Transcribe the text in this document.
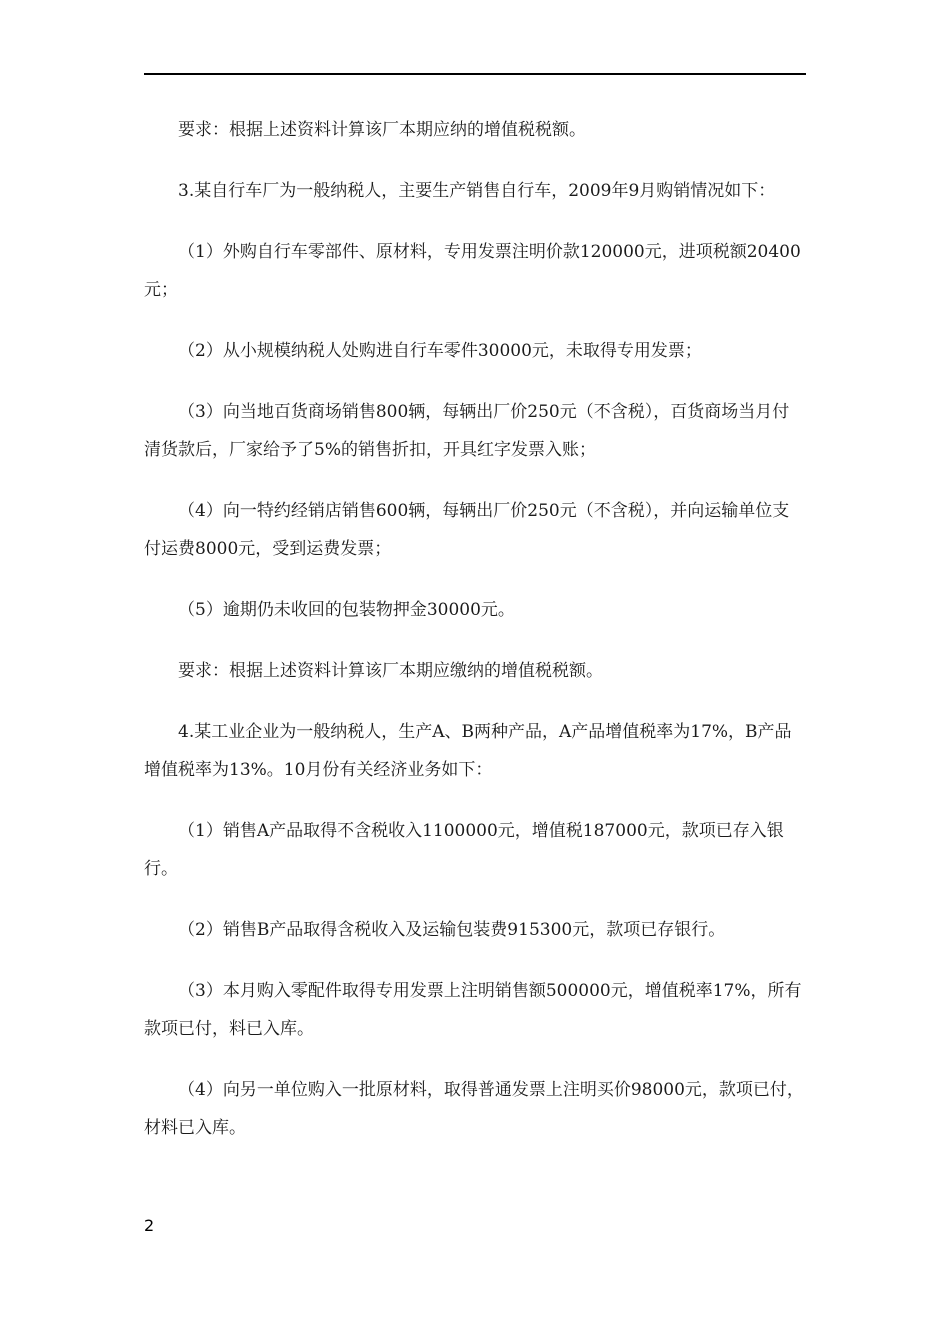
要求：根据上述资料计算该厂本期应纳的增值税税额。

3.某自行车厂为一般纳税人，主要生产销售自行车，2009年9月购销情况如下：

（1）外购自行车零部件、原材料，专用发票注明价款120000元，进项税额20400元；

（2）从小规模纳税人处购进自行车零件30000元，未取得专用发票；

（3）向当地百货商场销售800辆，每辆出厂价250元（不含税），百货商场当月付清货款后，厂家给予了5%的销售折扣，开具红字发票入账；

（4）向一特约经销店销售600辆，每辆出厂价250元（不含税），并向运输单位支付运费8000元，受到运费发票；

（5）逾期仍未收回的包装物押金30000元。

要求：根据上述资料计算该厂本期应缴纳的增值税税额。

4.某工业企业为一般纳税人，生产A、B两种产品，A产品增值税率为17%，B产品增值税率为13%。10月份有关经济业务如下：

（1）销售A产品取得不含税收入1100000元，增值税187000元，款项已存入银行。

（2）销售B产品取得含税收入及运输包装费915300元，款项已存银行。

（3）本月购入零配件取得专用发票上注明销售额500000元，增值税率17%，所有款项已付，料已入库。

（4）向另一单位购入一批原材料，取得普通发票上注明买价98000元，款项已付，材料已入库。

2
